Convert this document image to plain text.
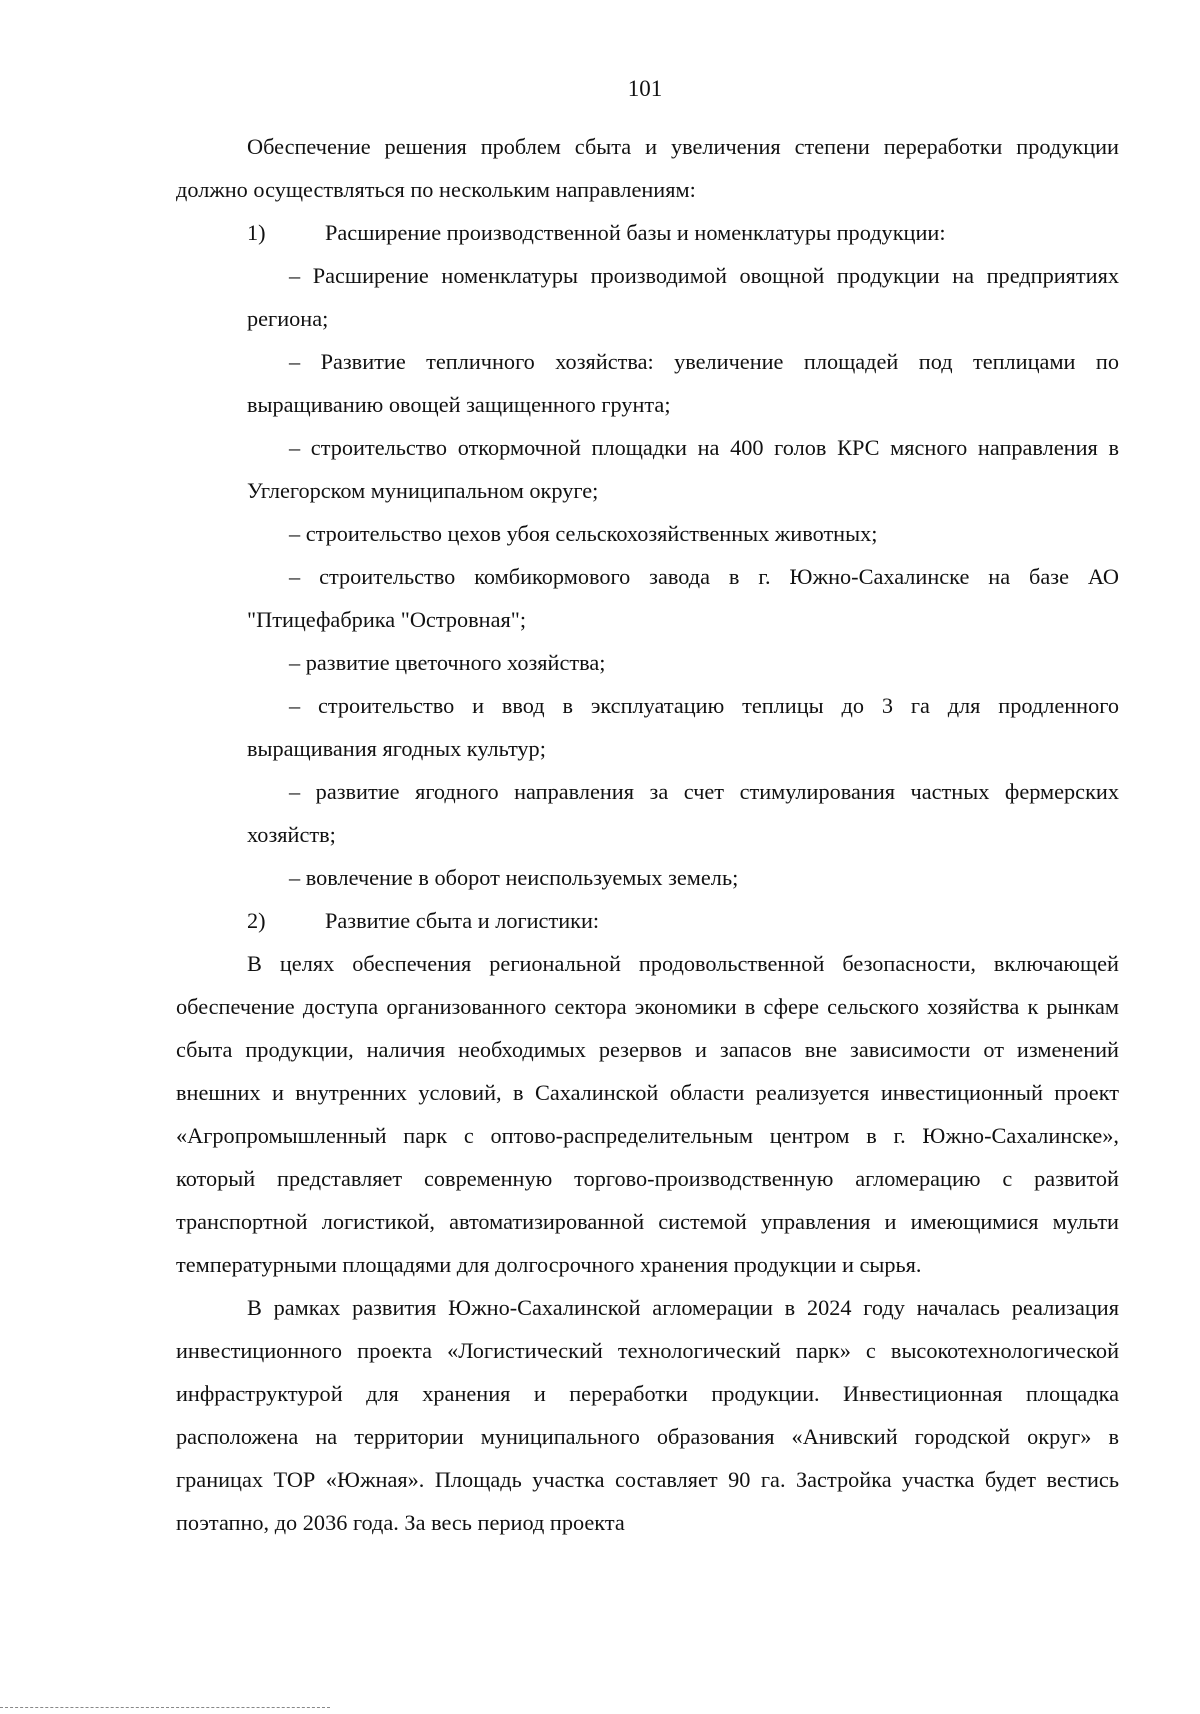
101

Обеспечение решения проблем сбыта и увеличения степени переработки продукции должно осуществляться по нескольким направлениям:

1)	Расширение производственной базы и номенклатуры продукции:

– Расширение номенклатуры производимой овощной продукции на предприятиях региона;

– Развитие тепличного хозяйства: увеличение площадей под теплицами по выращиванию овощей защищенного грунта;

– строительство откормочной площадки на 400 голов КРС мясного направления в Углегорском муниципальном округе;

– строительство цехов убоя сельскохозяйственных животных;

– строительство комбикормового завода в г. Южно-Сахалинске на базе АО "Птицефабрика "Островная";

– развитие цветочного хозяйства;

– строительство и ввод в эксплуатацию теплицы до 3 га для продленного выращивания ягодных культур;

– развитие ягодного направления за счет стимулирования частных фермерских хозяйств;

– вовлечение в оборот неиспользуемых земель;

2)	Развитие сбыта и логистики:

В целях обеспечения региональной продовольственной безопасности, включающей обеспечение доступа организованного сектора экономики в сфере сельского хозяйства к рынкам сбыта продукции, наличия необходимых резервов и запасов вне зависимости от изменений внешних и внутренних условий, в Сахалинской области реализуется инвестиционный проект «Агропромышленный парк с оптово-распределительным центром в г. Южно-Сахалинске», который представляет современную торгово-производственную агломерацию с развитой транспортной логистикой, автоматизированной системой управления и имеющимися мульти температурными площадями для долгосрочного хранения продукции и сырья.

В рамках развития Южно-Сахалинской агломерации в 2024 году началась реализация инвестиционного проекта «Логистический технологический парк» с высокотехнологической инфраструктурой для хранения и переработки продукции. Инвестиционная площадка расположена на территории муниципального образования «Анивский городской округ» в границах ТОР «Южная». Площадь участка составляет 90 га. Застройка участка будет вестись поэтапно, до 2036 года. За весь период проекта
